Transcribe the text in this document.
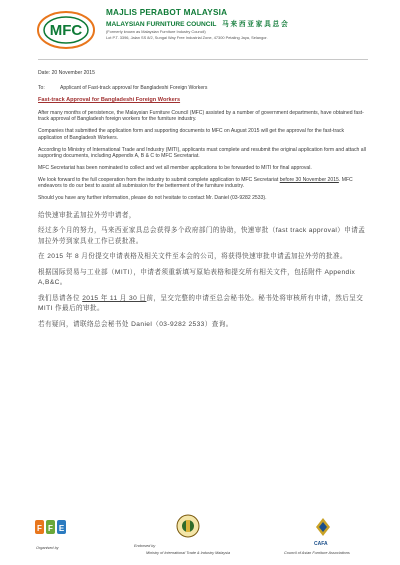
MFC
MAJLIS PERABOT MALAYSIA
MALAYSIAN FURNITURE COUNCIL 马 来 西 亚 家 具 总 会
(Formerly known as Malaysian Furniture Industry Council)
Lot P.T. 3396, Jalan SS 8/2, Sungai Way Free Industrial Zone, 47300 Petaling Jaya, Selangor.

Date: 20 November 2015

To:	Applicant of Fast-track approval for Bangladeshi Foreign Workers
Fast-track Approval for Bangladeshi Foreign Workers

After many months of persistence, the Malaysian Furniture Council (MFC) assisted by a number of government departments, have obtained fast-track approval of Bangladesh foreign workers for the furniture industry.

Companies that submitted the application form and supporting documents to MFC on August 2015 will get the approval for the fast-track application of Bangladesh Workers.

According to Ministry of International Trade and Industry (MITI), applicants must complete and resubmit the original application form and attach all supporting documents, including Appendix A, B & C to MFC Secretariat.

MFC Secretariat has been nominated to collect and vet all member applications to be forwarded to MITI for final approval.

We look forward to the full cooperation from the industry to submit complete application to MFC Secretariat before 30 November 2015. MFC endeavors to do our best to assist all submission for the betterment of the furniture industry.

Should you have any further information, please do not hesitate to contact Mr. Daniel (03-9282 2533).

给快速审批孟加拉外劳申请者，
经过多个月的努力，马来西亚家具总会获得多个政府部门的协助，快速审批（fast track approval）申请孟加拉外劳到家具业工作已获批准。
在 2015 年 8 月份提交申请表格及相关文件至本会的公司，将获得快速审批申请孟加拉外劳的批准。
根据国际贸易与工业部（MITI），申请者须重新填写原始表格和提交所有相关文件，包括附件 Appendix A,B&C。
我们恳请各位 2015 年 11 月 30 日前，呈交完整的申请至总会秘书处。秘书处将审核所有申请，然后呈交 MITI 作最后的审批。
若有疑问，请联络总会秘书处 Daniel（03-9282 2533）查询。
F F E
Organised by	Endorsed by
Ministry of International Trade & Industry Malaysia
CAFA
Council of Asian Furniture Associations
